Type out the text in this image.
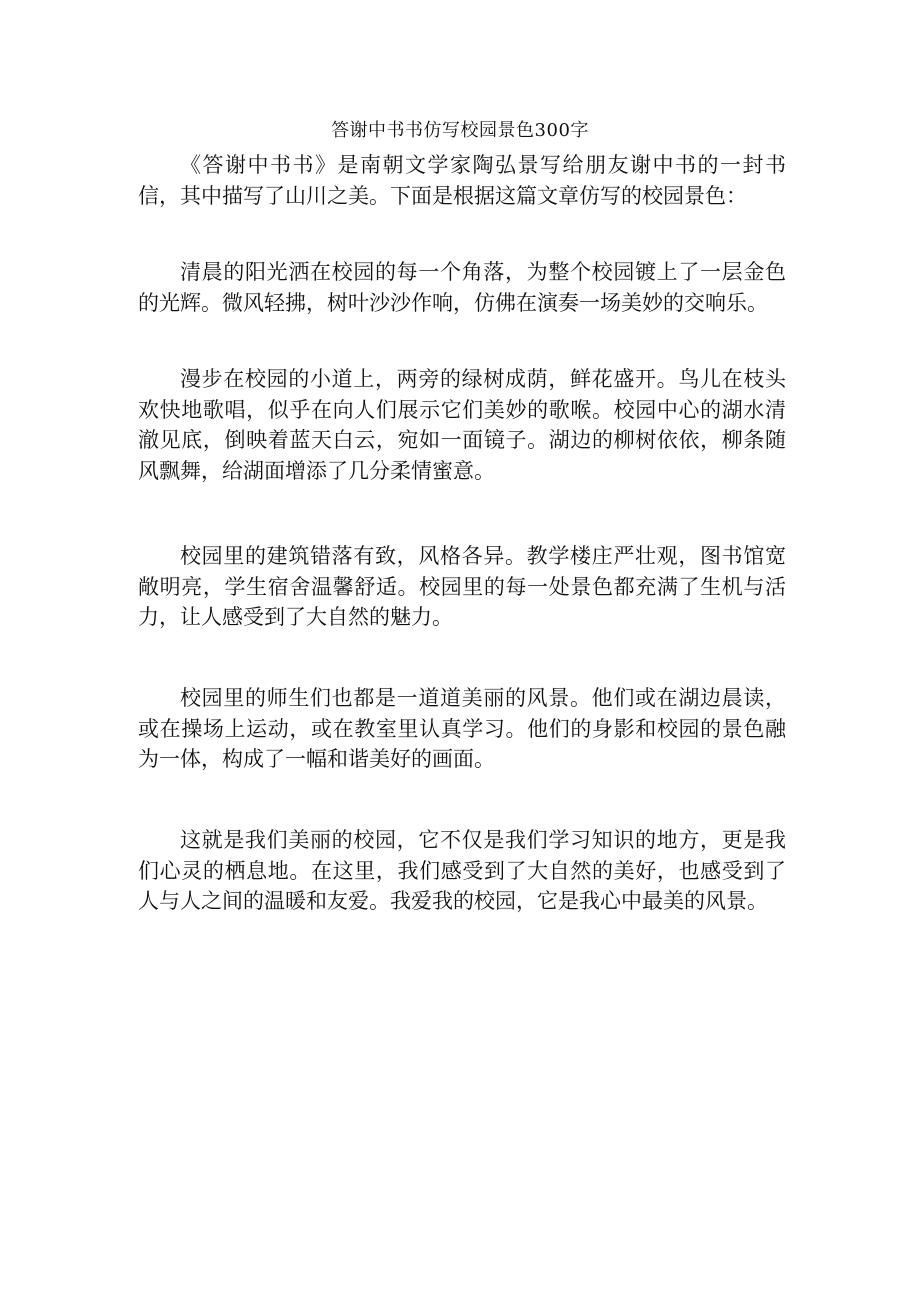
答谢中书书仿写校园景色300字

《答谢中书书》是南朝文学家陶弘景写给朋友谢中书的一封书信，其中描写了山川之美。下面是根据这篇文章仿写的校园景色：

清晨的阳光洒在校园的每一个角落，为整个校园镀上了一层金色的光辉。微风轻拂，树叶沙沙作响，仿佛在演奏一场美妙的交响乐。

漫步在校园的小道上，两旁的绿树成荫，鲜花盛开。鸟儿在枝头欢快地歌唱，似乎在向人们展示它们美妙的歌喉。校园中心的湖水清澈见底，倒映着蓝天白云，宛如一面镜子。湖边的柳树依依，柳条随风飘舞，给湖面增添了几分柔情蜜意。

校园里的建筑错落有致，风格各异。教学楼庄严壮观，图书馆宽敞明亮，学生宿舍温馨舒适。校园里的每一处景色都充满了生机与活力，让人感受到了大自然的魅力。

校园里的师生们也都是一道道美丽的风景。他们或在湖边晨读，或在操场上运动，或在教室里认真学习。他们的身影和校园的景色融为一体，构成了一幅和谐美好的画面。

这就是我们美丽的校园，它不仅是我们学习知识的地方，更是我们心灵的栖息地。在这里，我们感受到了大自然的美好，也感受到了人与人之间的温暖和友爱。我爱我的校园，它是我心中最美的风景。
